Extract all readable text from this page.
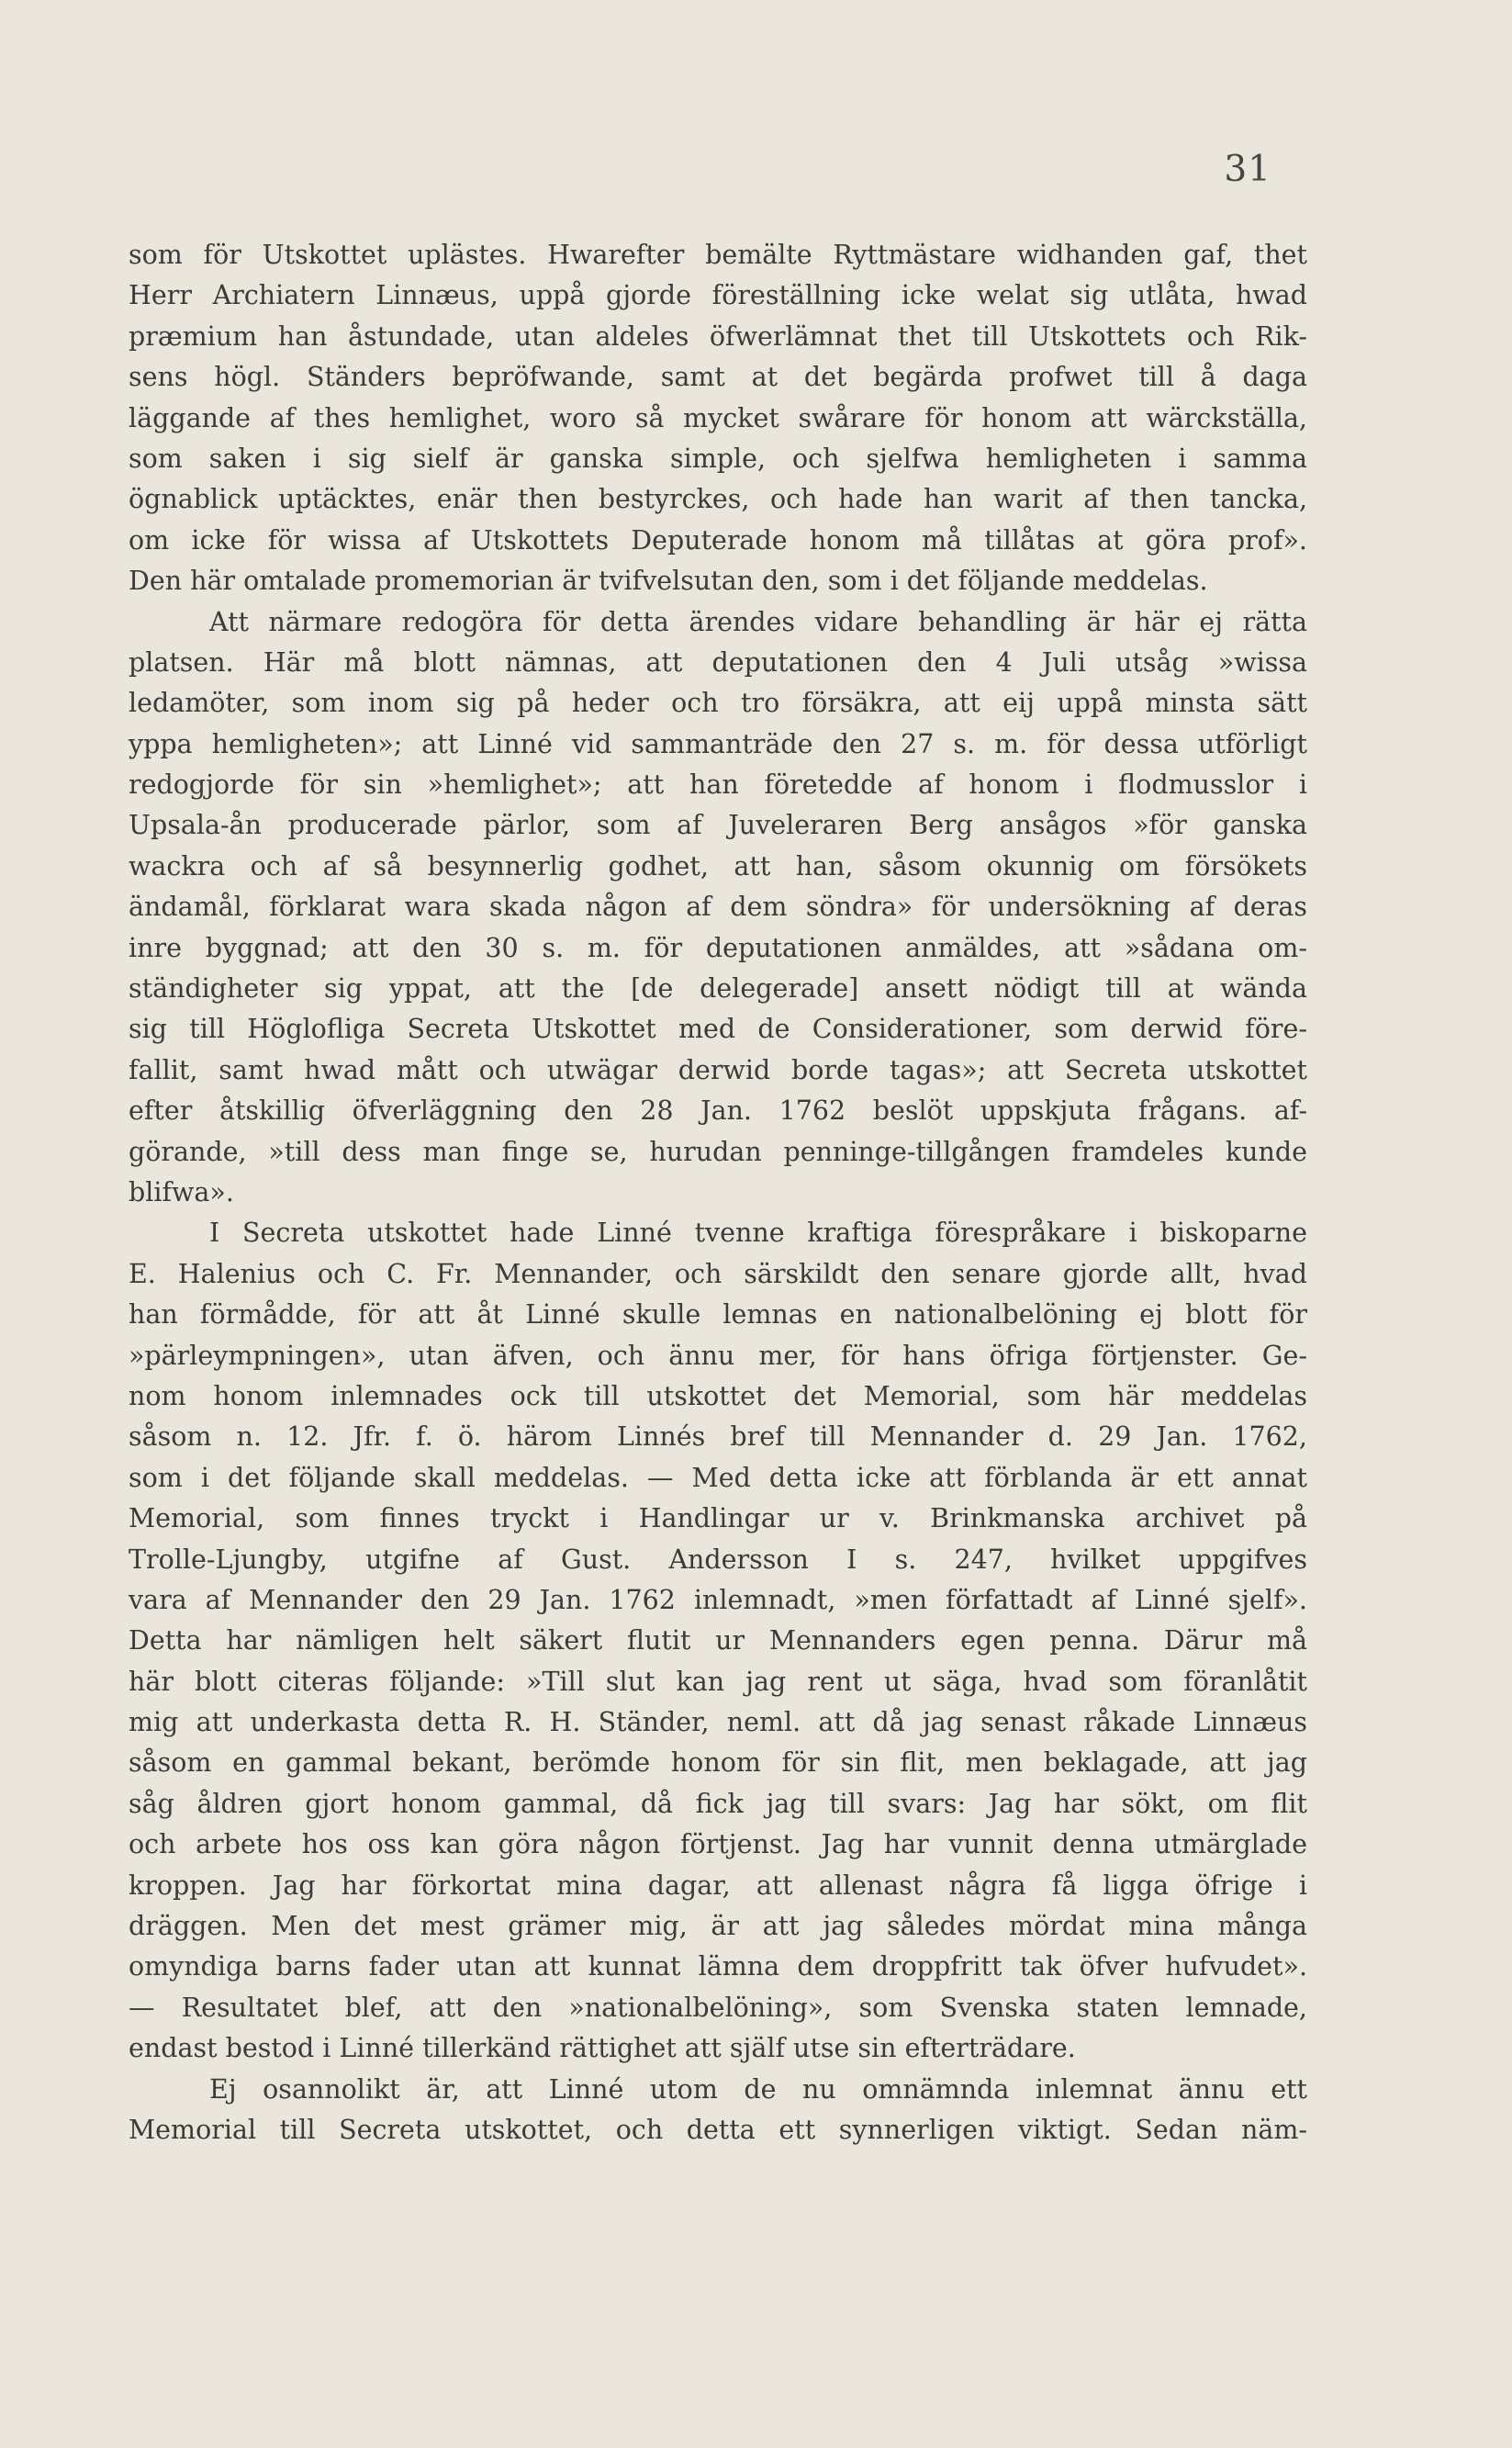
31
som för Utskottet uplästes. Hwarefter bemälte Ryttmästare widhanden gaf, thet
Herr Archiatern Linnæus, uppå gjorde föreställning icke welat sig utlåta, hwad
præmium han åstundade, utan aldeles öfwerlämnat thet till Utskottets och Rik-
sens högl. Ständers bepröfwande, samt at det begärda profwet till å daga
läggande af thes hemlighet, woro så mycket swårare för honom att wärckställa,
som saken i sig sielf är ganska simple, och sjelfwa hemligheten i samma
ögnablick uptäcktes, enär then bestyrckes, och hade han warit af then tancka,
om icke för wissa af Utskottets Deputerade honom må tillåtas at göra prof».
Den här omtalade promemorian är tvifvelsutan den, som i det följande meddelas.
Att närmare redogöra för detta ärendes vidare behandling är här ej rätta
platsen. Här må blott nämnas, att deputationen den 4 Juli utsåg »wissa
ledamöter, som inom sig på heder och tro försäkra, att eij uppå minsta sätt
yppa hemligheten»; att Linné vid sammanträde den 27 s. m. för dessa utförligt
redogjorde för sin »hemlighet»; att han företedde af honom i flodmusslor i
Upsala-ån producerade pärlor, som af Juveleraren Berg ansågos »för ganska
wackra och af så besynnerlig godhet, att han, såsom okunnig om försökets
ändamål, förklarat wara skada någon af dem söndra» för undersökning af deras
inre byggnad; att den 30 s. m. för deputationen anmäldes, att »sådana om-
ständigheter sig yppat, att the [de delegerade] ansett nödigt till at wända
sig till Höglofliga Secreta Utskottet med de Considerationer, som derwid före-
fallit, samt hwad mått och utwägar derwid borde tagas»; att Secreta utskottet
efter åtskillig öfverläggning den 28 Jan. 1762 beslöt uppskjuta frågans. af-
görande, »till dess man finge se, hurudan penninge-tillgången framdeles kunde
blifwa».
I Secreta utskottet hade Linné tvenne kraftiga förespråkare i biskoparne
E. Halenius och C. Fr. Mennander, och särskildt den senare gjorde allt, hvad
han förmådde, för att åt Linné skulle lemnas en nationalbelöning ej blott för
»pärleympningen», utan äfven, och ännu mer, för hans öfriga förtjenster. Ge-
nom honom inlemnades ock till utskottet det Memorial, som här meddelas
såsom n. 12. Jfr. f. ö. härom Linnés bref till Mennander d. 29 Jan. 1762,
som i det följande skall meddelas. — Med detta icke att förblanda är ett annat
Memorial, som finnes tryckt i Handlingar ur v. Brinkmanska archivet på
Trolle-Ljungby, utgifne af Gust. Andersson I s. 247, hvilket uppgifves
vara af Mennander den 29 Jan. 1762 inlemnadt, »men författadt af Linné sjelf».
Detta har nämligen helt säkert flutit ur Mennanders egen penna. Därur må
här blott citeras följande: »Till slut kan jag rent ut säga, hvad som föranlåtit
mig att underkasta detta R. H. Ständer, neml. att då jag senast råkade Linnæus
såsom en gammal bekant, berömde honom för sin flit, men beklagade, att jag
såg åldren gjort honom gammal, då fick jag till svars: Jag har sökt, om flit
och arbete hos oss kan göra någon förtjenst. Jag har vunnit denna utmärglade
kroppen. Jag har förkortat mina dagar, att allenast några få ligga öfrige i
dräggen. Men det mest grämer mig, är att jag således mördat mina många
omyndiga barns fader utan att kunnat lämna dem droppfritt tak öfver hufvudet».
— Resultatet blef, att den »nationalbelöning», som Svenska staten lemnade,
endast bestod i Linné tillerkänd rättighet att själf utse sin efterträdare.
Ej osannolikt är, att Linné utom de nu omnämnda inlemnat ännu ett
Memorial till Secreta utskottet, och detta ett synnerligen viktigt. Sedan näm-
